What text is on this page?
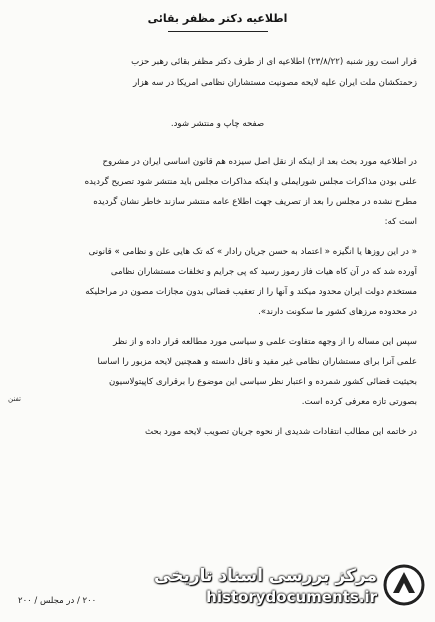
اطلاعیه دکتر مظفر بقائی
قرار است روز شنبه (۲۳/۸/۲۲) اطلاعیه ای از طرف دکتر مظفر بقائی رهبر حزب
زحمتکشان ملت ایران علیه لایحه مصونیت مستشاران نظامی امریکا در سه هزار
صفحه چاپ و منتشر شود.
در اطلاعیه مورد بحث بعد از اینکه از نقل اصل سیزده هم قانون اساسی ایران در مشروح
علنی بودن مذاکرات مجلس شورایملی و اینکه مذاکرات مجلس باید منتشر شود تصریح گردیده
مطرح نشده در مجلس را بعد از تصریف جهت اطلاع عامه منتشر سازند خاطر نشان گردیده
است که:
« در این روزها یا انگیزه « اعتماد به حسن جریان رادار » که تک هایی علن و نظامی » قانونی
آورده شد که در آن کاه هیات فاز رموز رسید که پی جرایم و تخلفات مستشاران نظامی
مستخدم دولت ایران محدود میکند و آنها را از تعقیب قضائی بدون مجازات مصون در مراحلیکه
در محدوده مرزهای کشور ما سکونت دارند».
سپس این مساله را از وجهه متفاوت علمی و سیاسی مورد مطالعه قرار داده و از نظر
علمی آنرا برای مستشاران نظامی غیر مفید و ناقل دانسته و همچنین لایحه مزبور را اساسا
بحیثیت قضائی کشور شمرده و اعتبار نظر سیاسی این موضوع را برقراری کاپیتولاسیون
بصورتی تازه معرفی کرده است.
در خاتمه این مطالب انتقادات شدیدی از نحوه جریان تصویب لایحه مورد بحث
تفنن
۲۰۰ / در مجلس / ۲۰۰
مرکز بررسی اسناد تاریخی
historydocuments.ir
